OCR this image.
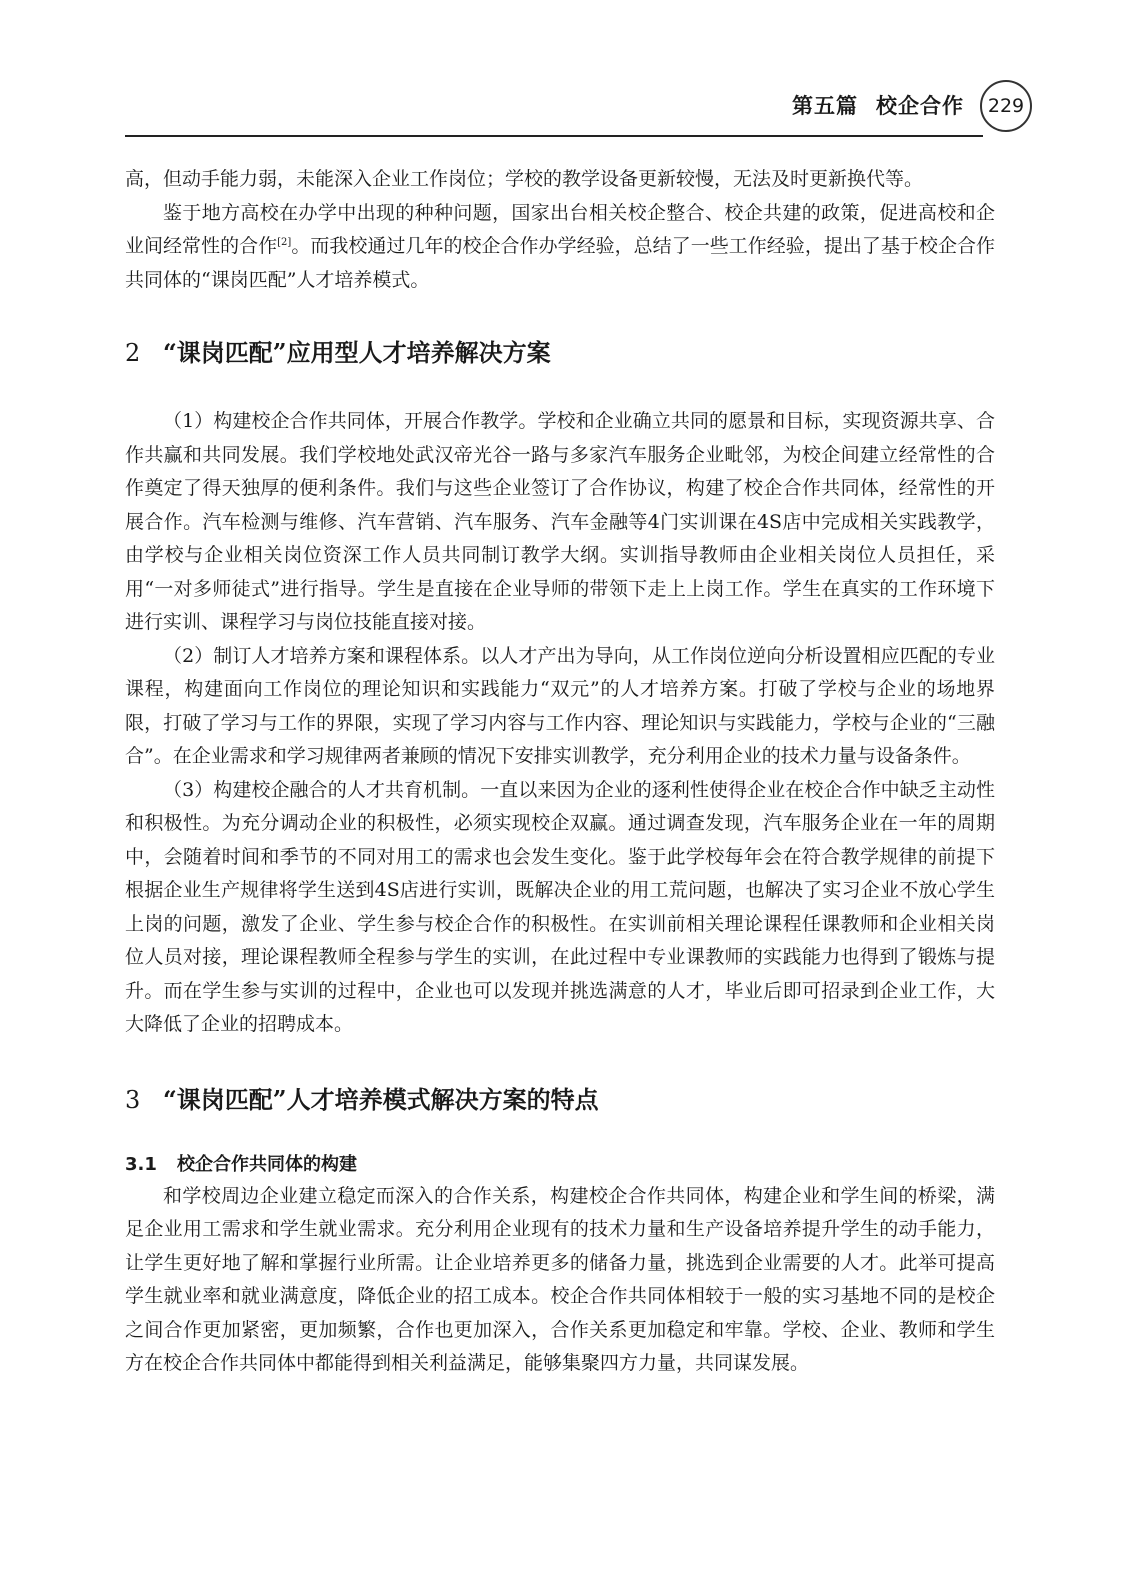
第五篇 校企合作	229

高，但动手能力弱，未能深入企业工作岗位；学校的教学设备更新较慢，无法及时更新换代等。

鉴于地方高校在办学中出现的种种问题，国家出台相关校企整合、校企共建的政策，促进高校和企业间经常性的合作[2]。而我校通过几年的校企合作办学经验，总结了一些工作经验，提出了基于校企合作共同体的“课岗匹配”人才培养模式。

2 “课岗匹配”应用型人才培养解决方案

（1）构建校企合作共同体，开展合作教学。学校和企业确立共同的愿景和目标，实现资源共享、合作共赢和共同发展。我们学校地处武汉帝光谷一路与多家汽车服务企业毗邻，为校企间建立经常性的合作奠定了得天独厚的便利条件。我们与这些企业签订了合作协议，构建了校企合作共同体，经常性的开展合作。汽车检测与维修、汽车营销、汽车服务、汽车金融等4门实训课在4S店中完成相关实践教学，由学校与企业相关岗位资深工作人员共同制订教学大纲。实训指导教师由企业相关岗位人员担任，采用“一对多师徒式”进行指导。学生是直接在企业导师的带领下走上上岗工作。学生在真实的工作环境下进行实训、课程学习与岗位技能直接对接。

（2）制订人才培养方案和课程体系。以人才产出为导向，从工作岗位逆向分析设置相应匹配的专业课程，构建面向工作岗位的理论知识和实践能力“双元”的人才培养方案。打破了学校与企业的场地界限，打破了学习与工作的界限，实现了学习内容与工作内容、理论知识与实践能力，学校与企业的“三融合”。在企业需求和学习规律两者兼顾的情况下安排实训教学，充分利用企业的技术力量与设备条件。

（3）构建校企融合的人才共育机制。一直以来因为企业的逐利性使得企业在校企合作中缺乏主动性和积极性。为充分调动企业的积极性，必须实现校企双赢。通过调查发现，汽车服务企业在一年的周期中，会随着时间和季节的不同对用工的需求也会发生变化。鉴于此学校每年会在符合教学规律的前提下根据企业生产规律将学生送到4S店进行实训，既解决企业的用工荒问题，也解决了实习企业不放心学生上岗的问题，激发了企业、学生参与校企合作的积极性。在实训前相关理论课程任课教师和企业相关岗位人员对接，理论课程教师全程参与学生的实训，在此过程中专业课教师的实践能力也得到了锻炼与提升。而在学生参与实训的过程中，企业也可以发现并挑选满意的人才，毕业后即可招录到企业工作，大大降低了企业的招聘成本。

3 “课岗匹配”人才培养模式解决方案的特点
3.1 校企合作共同体的构建

和学校周边企业建立稳定而深入的合作关系，构建校企合作共同体，构建企业和学生间的桥梁，满足企业用工需求和学生就业需求。充分利用企业现有的技术力量和生产设备培养提升学生的动手能力，让学生更好地了解和掌握行业所需。让企业培养更多的储备力量，挑选到企业需要的人才。此举可提高学生就业率和就业满意度，降低企业的招工成本。校企合作共同体相较于一般的实习基地不同的是校企之间合作更加紧密，更加频繁，合作也更加深入，合作关系更加稳定和牢靠。学校、企业、教师和学生方在校企合作共同体中都能得到相关利益满足，能够集聚四方力量，共同谋发展。
